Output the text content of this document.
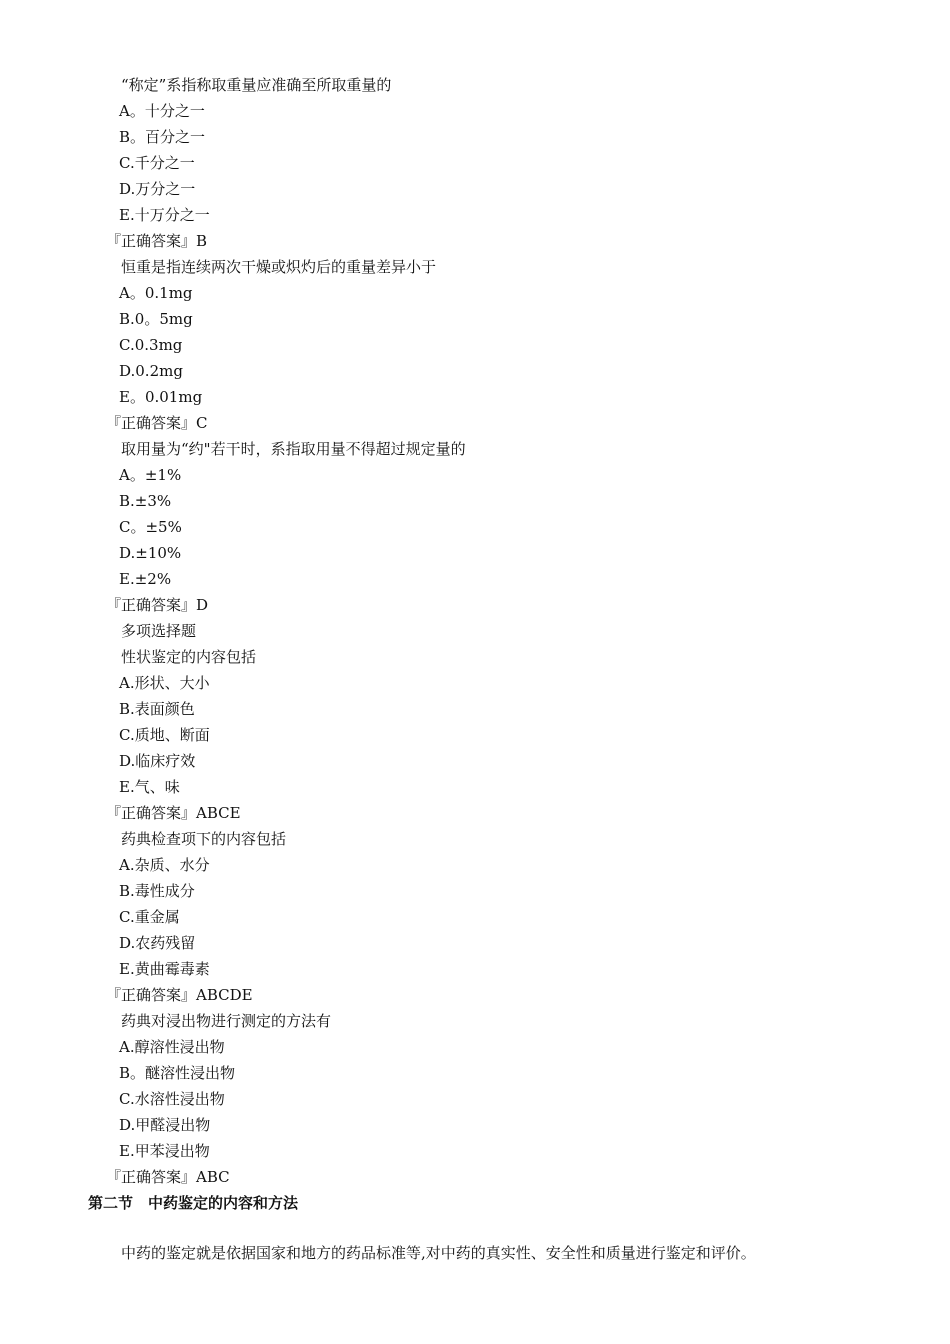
“称定”系指称取重量应准确至所取重量的
A。十分之一
B。百分之一
C.千分之一
D.万分之一
E.十万分之一
『正确答案』B
恒重是指连续两次干燥或炽灼后的重量差异小于
A。0.1mg
B.0。5mg
C.0.3mg
D.0.2mg
E。0.01mg
『正确答案』C
取用量为“约"若干时，系指取用量不得超过规定量的
A。±1%
B.±3%
C。±5%
D.±10%
E.±2%
『正确答案』D
多项选择题
性状鉴定的内容包括
A.形状、大小
B.表面颜色
C.质地、断面
D.临床疗效
E.气、味
『正确答案』ABCE
药典检查项下的内容包括
A.杂质、水分
B.毒性成分
C.重金属
D.农药残留
E.黄曲霉毒素
『正确答案』ABCDE
药典对浸出物进行测定的方法有
A.醇溶性浸出物
B。醚溶性浸出物
C.水溶性浸出物
D.甲醛浸出物
E.甲苯浸出物
『正确答案』ABC
第二节　中药鉴定的内容和方法
中药的鉴定就是依据国家和地方的药品标准等,对中药的真实性、安全性和质量进行鉴定和评价。
